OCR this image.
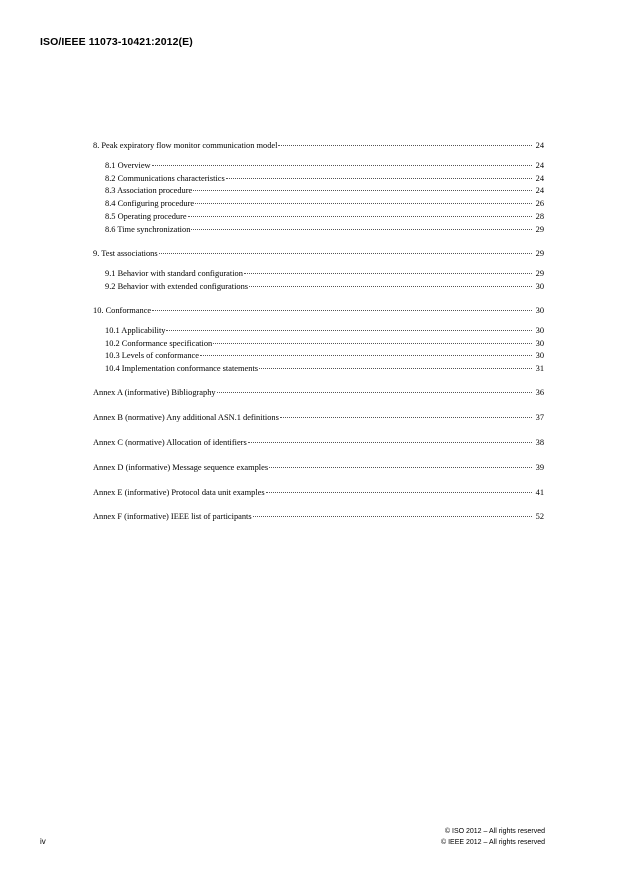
ISO/IEEE 11073-10421:2012(E)
8. Peak expiratory flow monitor communication model	24
8.1 Overview	24
8.2 Communications characteristics	24
8.3 Association procedure	24
8.4 Configuring procedure	26
8.5 Operating procedure	28
8.6 Time synchronization	29
9. Test associations	29
9.1 Behavior with standard configuration	29
9.2 Behavior with extended configurations	30
10. Conformance	30
10.1 Applicability	30
10.2 Conformance specification	30
10.3 Levels of conformance	30
10.4 Implementation conformance statements	31
Annex A (informative) Bibliography	36
Annex B (normative) Any additional ASN.1 definitions	37
Annex C (normative) Allocation of identifiers	38
Annex D (informative) Message sequence examples	39
Annex E (informative) Protocol data unit examples	41
Annex F (informative) IEEE list of participants	52
iv
© ISO 2012 – All rights reserved
© IEEE 2012 – All rights reserved
